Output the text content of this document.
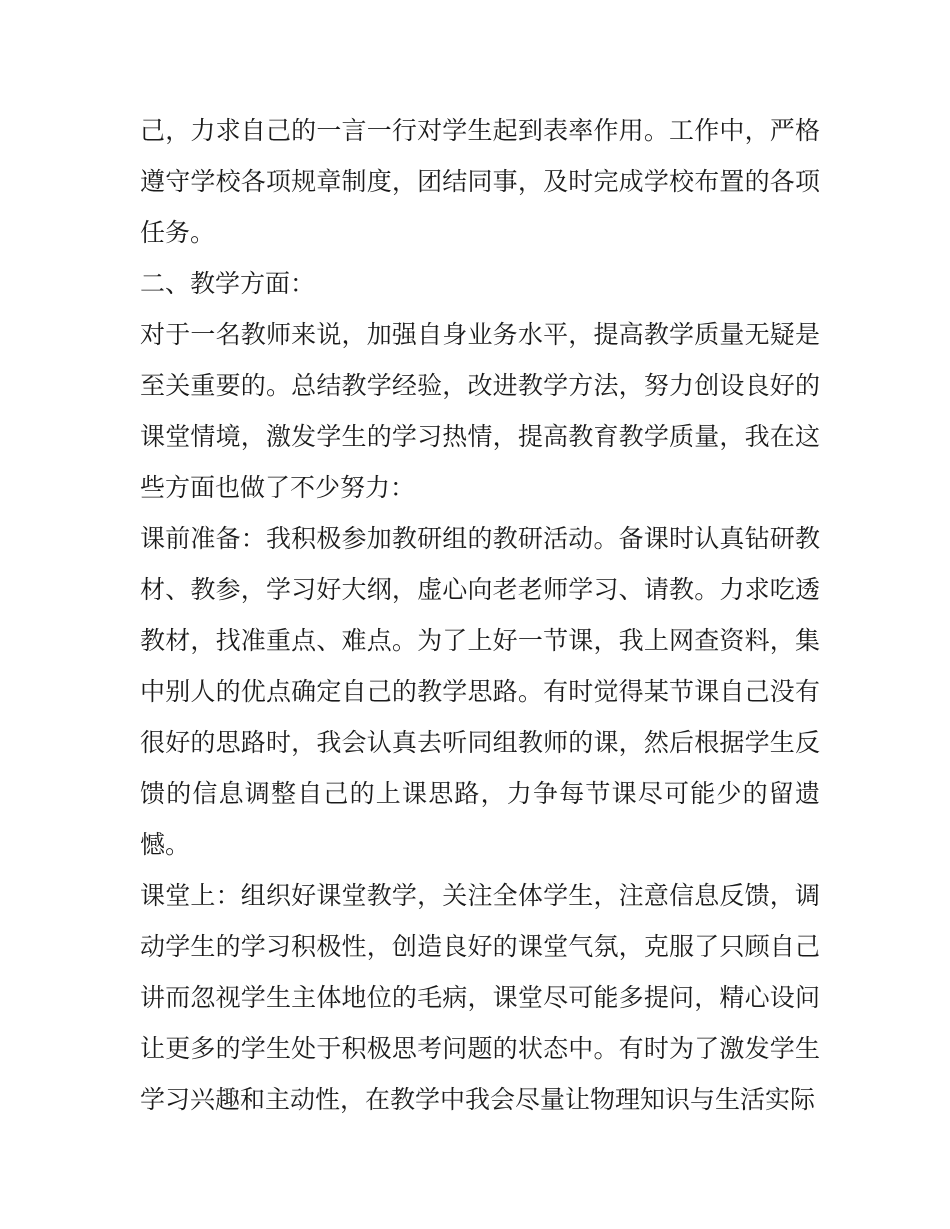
己，力求自己的一言一行对学生起到表率作用。工作中，严格遵守学校各项规章制度，团结同事，及时完成学校布置的各项任务。

二、教学方面：

对于一名教师来说，加强自身业务水平，提高教学质量无疑是至关重要的。总结教学经验，改进教学方法，努力创设良好的课堂情境，激发学生的学习热情，提高教育教学质量，我在这些方面也做了不少努力：

课前准备：我积极参加教研组的教研活动。备课时认真钻研教材、教参，学习好大纲，虚心向老老师学习、请教。力求吃透教材，找准重点、难点。为了上好一节课，我上网查资料，集中别人的优点确定自己的教学思路。有时觉得某节课自己没有很好的思路时，我会认真去听同组教师的课，然后根据学生反馈的信息调整自己的上课思路，力争每节课尽可能少的留遗憾。

课堂上：组织好课堂教学，关注全体学生，注意信息反馈，调动学生的学习积极性，创造良好的课堂气氛，克服了只顾自己讲而忽视学生主体地位的毛病，课堂尽可能多提问，精心设问让更多的学生处于积极思考问题的状态中。有时为了激发学生学习兴趣和主动性，在教学中我会尽量让物理知识与生活实际
